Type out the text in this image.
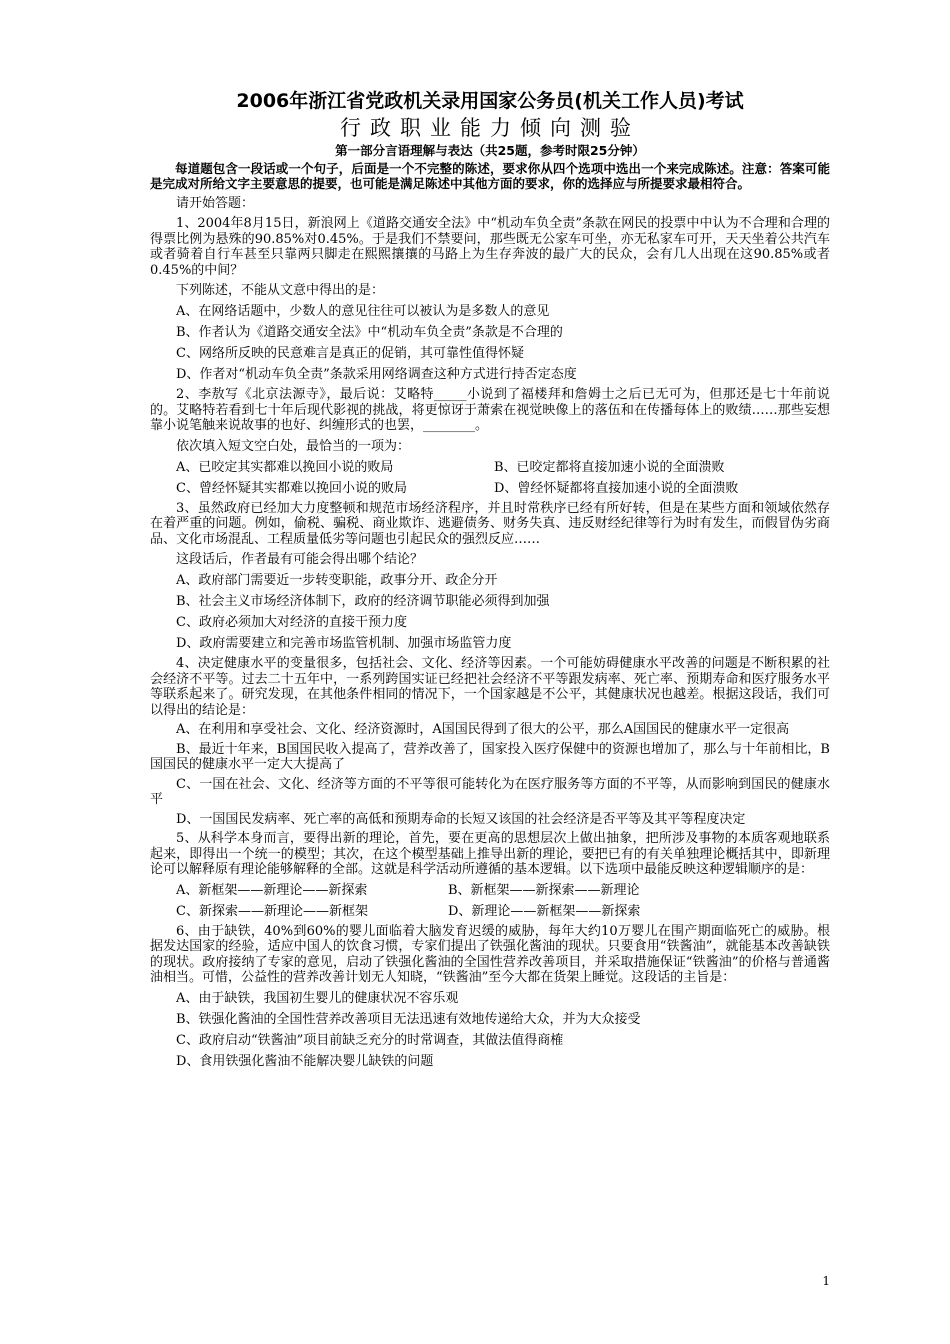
2006年浙江省党政机关录用国家公务员(机关工作人员)考试

行政职业能力倾向测验

第一部分言语理解与表达（共25题，参考时限25分钟）

每道题包含一段话或一个句子，后面是一个不完整的陈述，要求你从四个选项中选出一个来完成陈述。注意：答案可能是完成对所给文字主要意思的提要，也可能是满足陈述中其他方面的要求，你的选择应与所提要求最相符合。

请开始答题：

1、2004年8月15日，新浪网上《道路交通安全法》中“机动车负全责”条款在网民的投票中中认为不合理和合理的得票比例为悬殊的90.85%对0.45%。于是我们不禁要问，那些既无公家车可坐，亦无私家车可开，天天坐着公共汽车或者骑着自行车甚至只靠两只脚走在熙熙攘攘的马路上为生存奔波的最广大的民众，会有几人出现在这90.85%或者0.45%的中间？

下列陈述，不能从文意中得出的是：

A、在网络话题中，少数人的意见往往可以被认为是多数人的意见

B、作者认为《道路交通安全法》中“机动车负全责”条款是不合理的

C、网络所反映的民意难言是真正的促销，其可靠性值得怀疑

D、作者对“机动车负全责”条款采用网络调查这种方式进行持否定态度

2、李敖写《北京法源寺》，最后说：艾略特_____小说到了福楼拜和詹姆士之后已无可为，但那还是七十年前说的。艾略特若看到七十年后现代影视的挑战，将更惊讶于萧索在视觉映像上的落伍和在传播每体上的败绩……那些妄想靠小说笔触来说故事的也好、纠缠形式的也罢，________。

依次填入短文空白处，最恰当的一项为：

A、已咬定其实都难以挽回小说的败局	B、已咬定都将直接加速小说的全面溃败
C、曾经怀疑其实都难以挽回小说的败局	D、曾经怀疑都将直接加速小说的全面溃败

3、虽然政府已经加大力度整顿和规范市场经济程序，并且时常秩序已经有所好转，但是在某些方面和领域依然存在着严重的问题。例如，偷税、骗税、商业欺诈、逃避债务、财务失真、违反财经纪律等行为时有发生，而假冒伪劣商品、文化市场混乱、工程质量低劣等问题也引起民众的强烈反应……

这段话后，作者最有可能会得出哪个结论？

A、政府部门需要近一步转变职能，政事分开、政企分开

B、社会主义市场经济体制下，政府的经济调节职能必须得到加强

C、政府必须加大对经济的直接干预力度

D、政府需要建立和完善市场监管机制、加强市场监管力度

4、决定健康水平的变量很多，包括社会、文化、经济等因素。一个可能妨碍健康水平改善的问题是不断积累的社会经济不平等。过去二十五年中，一系列跨国实证已经把社会经济不平等跟发病率、死亡率、预期寿命和医疗服务水平等联系起来了。研究发现，在其他条件相同的情况下，一个国家越是不公平，其健康状况也越差。根据这段话，我们可以得出的结论是：

A、在利用和享受社会、文化、经济资源时，A国国民得到了很大的公平，那么A国国民的健康水平一定很高

B、最近十年来，B国国民收入提高了，营养改善了，国家投入医疗保健中的资源也增加了，那么与十年前相比，B国国民的健康水平一定大大提高了

C、一国在社会、文化、经济等方面的不平等很可能转化为在医疗服务等方面的不平等，从而影响到国民的健康水平

D、一国国民发病率、死亡率的高低和预期寿命的长短又该国的社会经济是否平等及其平等程度决定

5、从科学本身而言，要得出新的理论，首先，要在更高的思想层次上做出抽象，把所涉及事物的本质客观地联系起来，即得出一个统一的模型；其次，在这个模型基础上推导出新的理论，要把已有的有关单独理论概括其中，即新理论可以解释原有理论能够解释的全部。这就是科学活动所遵循的基本逻辑。以下选项中最能反映这种逻辑顺序的是：

A、新框架——新理论——新探索	B、新框架——新探索——新理论
C、新探索——新理论——新框架	D、新理论——新框架——新探索

6、由于缺铁，40%到60%的婴儿面临着大脑发育迟缓的威胁，每年大约10万婴儿在围产期面临死亡的威胁。根据发达国家的经验，适应中国人的饮食习惯，专家们提出了铁强化酱油的现状。只要食用“铁酱油”，就能基本改善缺铁的现状。政府接纳了专家的意见，启动了铁强化酱油的全国性营养改善项目，并采取措施保证“铁酱油”的价格与普通酱油相当。可惜，公益性的营养改善计划无人知晓，“铁酱油”至今大都在货架上睡觉。这段话的主旨是：

A、由于缺铁，我国初生婴儿的健康状况不容乐观

B、铁强化酱油的全国性营养改善项目无法迅速有效地传递给大众，并为大众接受

C、政府启动“铁酱油”项目前缺乏充分的时常调查，其做法值得商榷

D、食用铁强化酱油不能解决婴儿缺铁的问题

1
